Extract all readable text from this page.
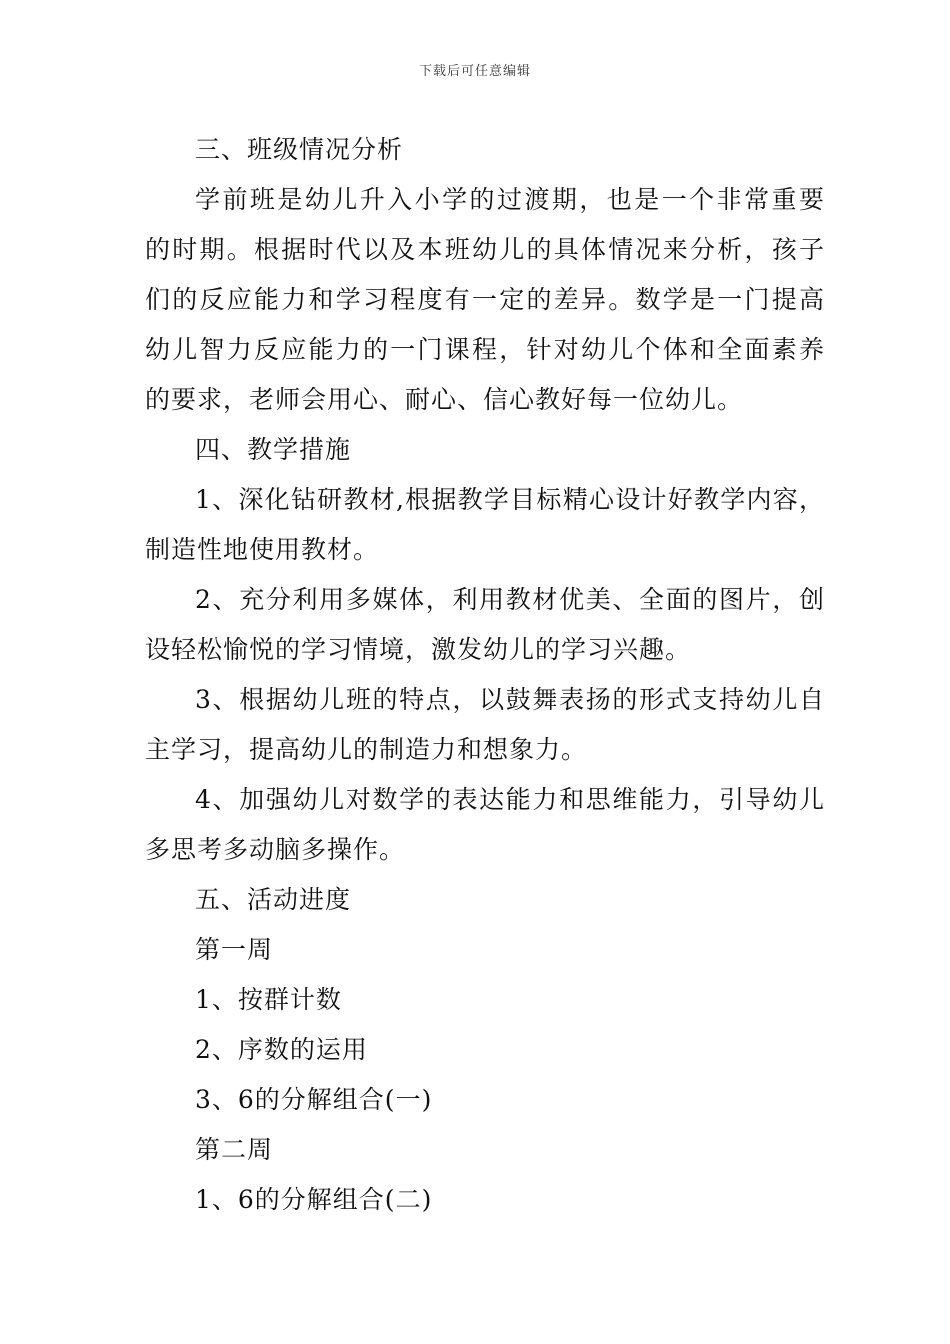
下载后可任意编辑
三、班级情况分析
学前班是幼儿升入小学的过渡期，也是一个非常重要
的时期。根据时代以及本班幼儿的具体情况来分析，孩子
们的反应能力和学习程度有一定的差异。数学是一门提高
幼儿智力反应能力的一门课程，针对幼儿个体和全面素养
的要求，老师会用心、耐心、信心教好每一位幼儿。
四、教学措施
1、深化钻研教材,根据教学目标精心设计好教学内容，
制造性地使用教材。
2、充分利用多媒体，利用教材优美、全面的图片，创
设轻松愉悦的学习情境，激发幼儿的学习兴趣。
3、根据幼儿班的特点，以鼓舞表扬的形式支持幼儿自
主学习，提高幼儿的制造力和想象力。
4、加强幼儿对数学的表达能力和思维能力，引导幼儿
多思考多动脑多操作。
五、活动进度
第一周
1、按群计数
2、序数的运用
3、6的分解组合(一)
第二周
1、6的分解组合(二)
